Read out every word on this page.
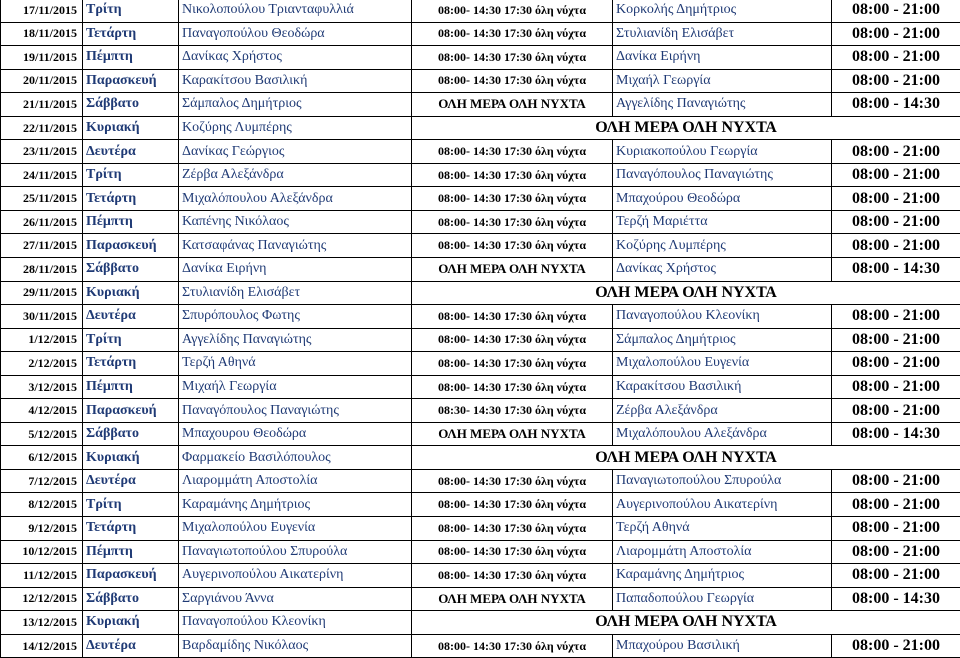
17/11/2015	Τρίτη	Νικολοπούλου Τριανταφυλλιά	08:00- 14:30 17:30 όλη νύχτα	Κορκολής Δημήτριος	08:00 - 21:00
18/11/2015	Τετάρτη	Παναγοπούλου Θεοδώρα	08:00- 14:30 17:30 όλη νύχτα	Στυλιανίδη Ελισάβετ	08:00 - 21:00
19/11/2015	Πέμπτη	Δανίκας Χρήστος	08:00- 14:30 17:30 όλη νύχτα	Δανίκα Ειρήνη	08:00 - 21:00
20/11/2015	Παρασκευή	Καρακίτσου Βασιλική	08:00- 14:30 17:30 όλη νύχτα	Μιχαήλ Γεωργία	08:00 - 21:00
21/11/2015	Σάββατο	Σάμπαλος Δημήτριος	ΟΛΗ ΜΕΡΑ ΟΛΗ ΝΥΧΤΑ	Αγγελίδης Παναγιώτης	08:00 - 14:30
22/11/2015	Κυριακή	Κοζύρης Λυμπέρης	ΟΛΗ ΜΕΡΑ ΟΛΗ ΝΥΧΤΑ		
23/11/2015	Δευτέρα	Δανίκας Γεώργιος	08:00- 14:30 17:30 όλη νύχτα	Κυριακοπούλου Γεωργία	08:00 - 21:00
24/11/2015	Τρίτη	Ζέρβα Αλεξάνδρα	08:00- 14:30 17:30 όλη νύχτα	Παναγόπουλος Παναγιώτης	08:00 - 21:00
25/11/2015	Τετάρτη	Μιχαλόπουλου Αλεξάνδρα	08:00- 14:30 17:30 όλη νύχτα	Μπαχούρου Θεοδώρα	08:00 - 21:00
26/11/2015	Πέμπτη	Καπένης Νικόλαος	08:00- 14:30 17:30 όλη νύχτα	Τερζή Μαριέττα	08:00 - 21:00
27/11/2015	Παρασκευή	Κατσαφάνας Παναγιώτης	08:00- 14:30 17:30 όλη νύχτα	Κοζύρης Λυμπέρης	08:00 - 21:00
28/11/2015	Σάββατο	Δανίκα Ειρήνη	ΟΛΗ ΜΕΡΑ ΟΛΗ ΝΥΧΤΑ	Δανίκας Χρήστος	08:00 - 14:30
29/11/2015	Κυριακή	Στυλιανίδη Ελισάβετ	ΟΛΗ ΜΕΡΑ ΟΛΗ ΝΥΧΤΑ		
30/11/2015	Δευτέρα	Σπυρόπουλος Φωτης	08:00- 14:30 17:30 όλη νύχτα	Παναγοπούλου Κλεονίκη	08:00 - 21:00
1/12/2015	Τρίτη	Αγγελίδης Παναγιώτης	08:00- 14:30 17:30 όλη νύχτα	Σάμπαλος Δημήτριος	08:00 - 21:00
2/12/2015	Τετάρτη	Τερζή Αθηνά	08:00- 14:30 17:30 όλη νύχτα	Μιχαλοπούλου Ευγενία	08:00 - 21:00
3/12/2015	Πέμπτη	Μιχαήλ Γεωργία	08:00- 14:30 17:30 όλη νύχτα	Καρακίτσου Βασιλική	08:00 - 21:00
4/12/2015	Παρασκευή	Παναγόπουλος Παναγιώτης	08:30- 14:30 17:30 όλη νύχτα	Ζέρβα Αλεξάνδρα	08:00 - 21:00
5/12/2015	Σάββατο	Μπαχουρου Θεοδώρα	ΟΛΗ ΜΕΡΑ ΟΛΗ ΝΥΧΤΑ	Μιχαλόπουλου Αλεξάνδρα	08:00 - 14:30
6/12/2015	Κυριακή	Φαρμακείο Βασιλόπουλος	ΟΛΗ ΜΕΡΑ ΟΛΗ ΝΥΧΤΑ		
7/12/2015	Δευτέρα	Λιαρομμάτη Αποστολία	08:00- 14:30 17:30 όλη νύχτα	Παναγιωτοπούλου Σπυρούλα	08:00 - 21:00
8/12/2015	Τρίτη	Καραμάνης Δημήτριος	08:00- 14:30 17:30 όλη νύχτα	Αυγερινοπούλου Αικατερίνη	08:00 - 21:00
9/12/2015	Τετάρτη	Μιχαλοπούλου Ευγενία	08:00- 14:30 17:30 όλη νύχτα	Τερζή Αθηνά	08:00 - 21:00
10/12/2015	Πέμπτη	Παναγιωτοπούλου Σπυρούλα	08:00- 14:30 17:30 όλη νύχτα	Λιαρομμάτη Αποστολία	08:00 - 21:00
11/12/2015	Παρασκευή	Αυγερινοπούλου Αικατερίνη	08:00- 14:30 17:30 όλη νύχτα	Καραμάνης Δημήτριος	08:00 - 21:00
12/12/2015	Σάββατο	Σαργιάνου Άννα	ΟΛΗ ΜΕΡΑ ΟΛΗ ΝΥΧΤΑ	Παπαδοπούλου Γεωργία	08:00 - 14:30
13/12/2015	Κυριακή	Παναγοπούλου Κλεονίκη	ΟΛΗ ΜΕΡΑ ΟΛΗ ΝΥΧΤΑ		
14/12/2015	Δευτέρα	Βαρδαμίδης Νικόλαος	08:00- 14:30 17:30 όλη νύχτα	Μπαχούρου Βασιλική	08:00 - 21:00
